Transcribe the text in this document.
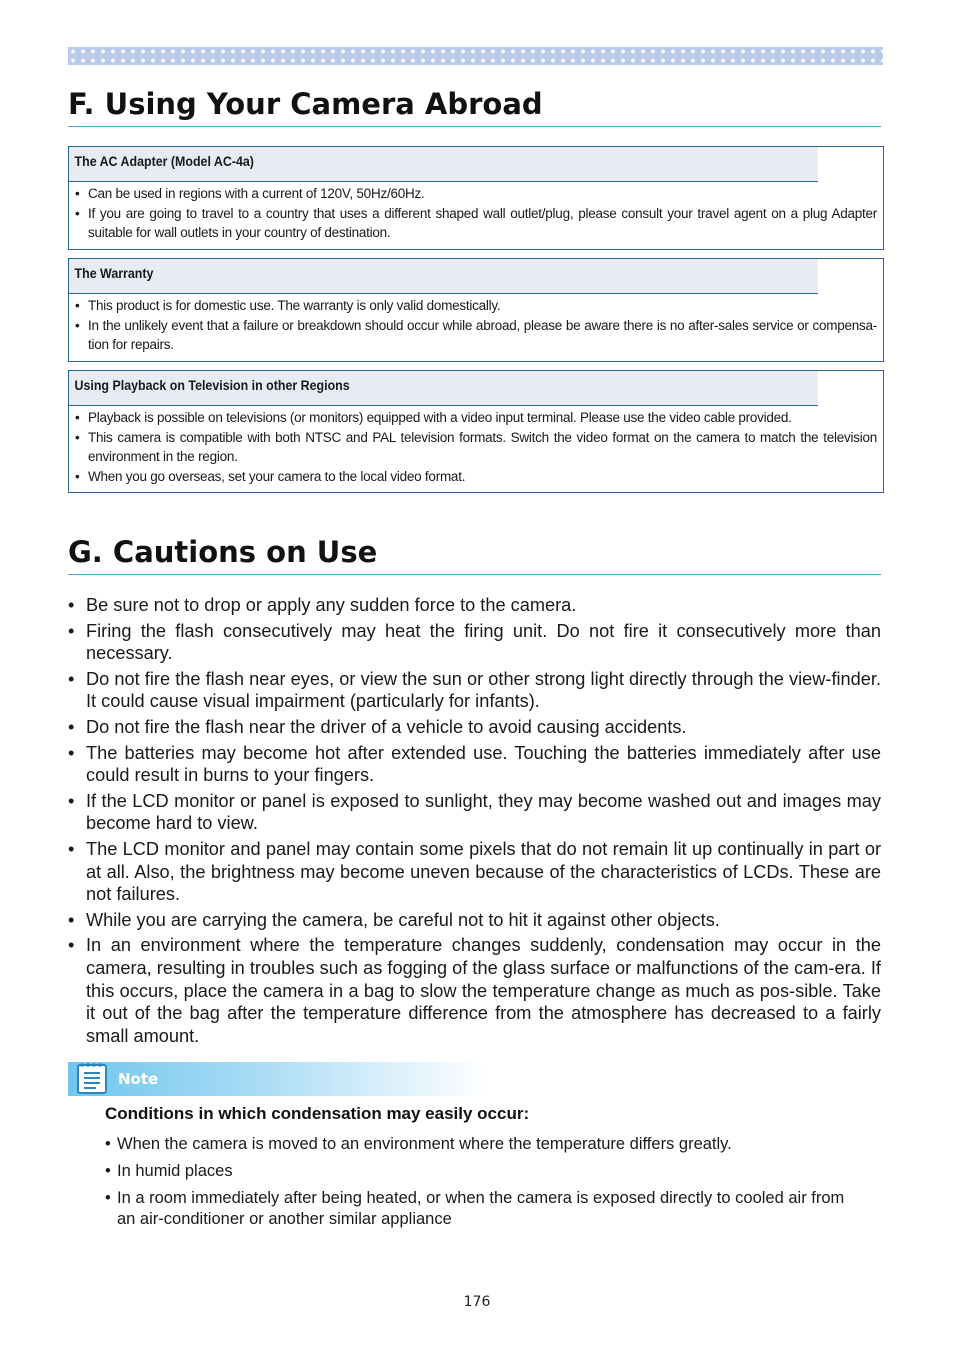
F. Using Your Camera Abroad
The AC Adapter (Model AC-4a)
• Can be used in regions with a current of 120V, 50Hz/60Hz.
• If you are going to travel to a country that uses a different shaped wall outlet/plug, please consult your travel agent on a plug Adapter suitable for wall outlets in your country of destination.
The Warranty
• This product is for domestic use. The warranty is only valid domestically.
• In the unlikely event that a failure or breakdown should occur while abroad, please be aware there is no after-sales service or compensa-tion for repairs.
Using Playback on Television in other Regions
• Playback is possible on televisions (or monitors) equipped with a video input terminal. Please use the video cable provided.
• This camera is compatible with both NTSC and PAL television formats. Switch the video format on the camera to match the television environment in the region.
• When you go overseas, set your camera to the local video format.
G. Cautions on Use
• Be sure not to drop or apply any sudden force to the camera.
• Firing the flash consecutively may heat the firing unit. Do not fire it consecutively more than necessary.
• Do not fire the flash near eyes, or view the sun or other strong light directly through the view-finder. It could cause visual impairment (particularly for infants).
• Do not fire the flash near the driver of a vehicle to avoid causing accidents.
• The batteries may become hot after extended use. Touching the batteries immediately after use could result in burns to your fingers.
• If the LCD monitor or panel is exposed to sunlight, they may become washed out and images may become hard to view.
• The LCD monitor and panel may contain some pixels that do not remain lit up continually in part or at all. Also, the brightness may become uneven because of the characteristics of LCDs. These are not failures.
• While you are carrying the camera, be careful not to hit it against other objects.
• In an environment where the temperature changes suddenly, condensation may occur in the camera, resulting in troubles such as fogging of the glass surface or malfunctions of the cam-era. If this occurs, place the camera in a bag to slow the temperature change as much as pos-sible. Take it out of the bag after the temperature difference from the atmosphere has decreased to a fairly small amount.
Note
Conditions in which condensation may easily occur:
• When the camera is moved to an environment where the temperature differs greatly.
• In humid places
• In a room immediately after being heated, or when the camera is exposed directly to cooled air from an air-conditioner or another similar appliance
176
